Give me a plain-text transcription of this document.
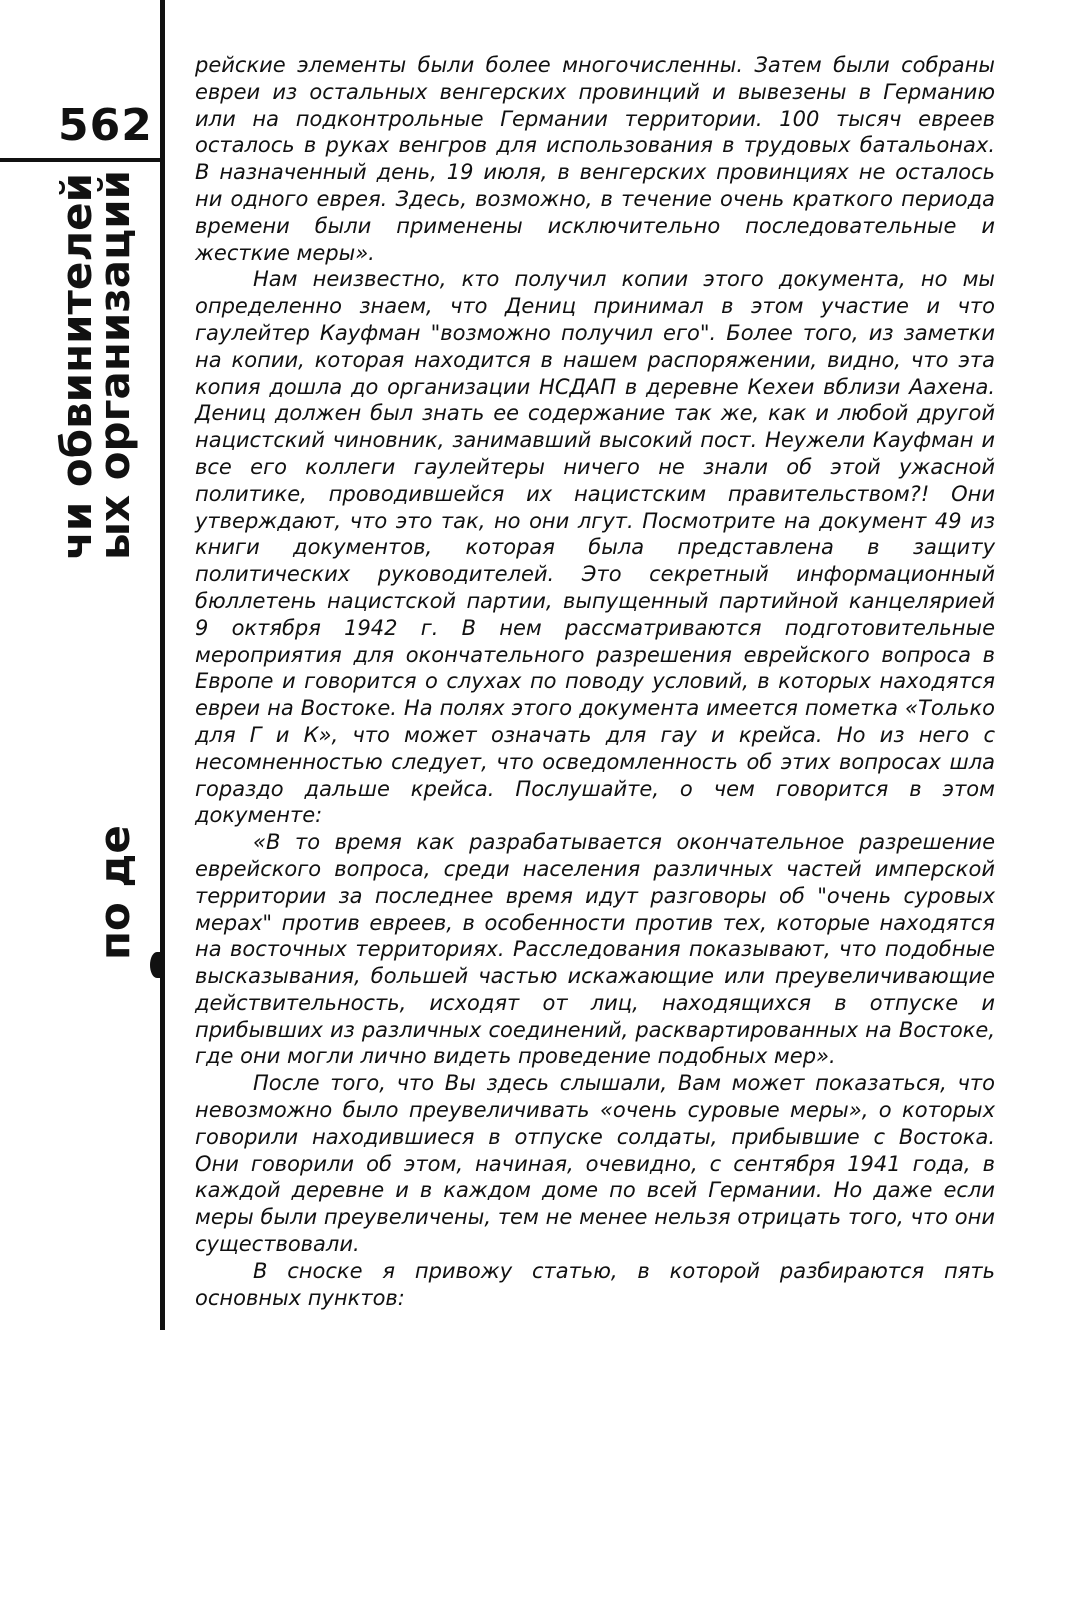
562
чи обвинителей
ых организаций
по де

рейские элементы были более многочисленны. Затем были собраны евреи из остальных венгерских провинций и вывезены в Германию или на подконтрольные Германии территории. 100 тысяч евреев осталось в руках венгров для использования в трудовых батальонах. В назначенный день, 19 июля, в венгерских провинциях не осталось ни одного еврея. Здесь, возможно, в течение очень краткого периода времени были применены исключительно последовательные и жесткие меры».

Нам неизвестно, кто получил копии этого документа, но мы определенно знаем, что Дениц принимал в этом участие и что гаулейтер Кауфман "возможно получил его". Более того, из заметки на копии, которая находится в нашем распоряжении, видно, что эта копия дошла до организации НСДАП в деревне Кехеи вблизи Аахена. Дениц должен был знать ее содержание так же, как и любой другой нацистский чиновник, занимавший высокий пост. Неужели Кауфман и все его коллеги гаулейтеры ничего не знали об этой ужасной политике, проводившейся их нацистским правительством?! Они утверждают, что это так, но они лгут. Посмотрите на документ 49 из книги документов, которая была представлена в защиту политических руководителей. Это секретный информационный бюллетень нацистской партии, выпущенный партийной канцелярией 9 октября 1942 г. В нем рассматриваются подготовительные мероприятия для окончательного разрешения еврейского вопроса в Европе и говорится о слухах по поводу условий, в которых находятся евреи на Востоке. На полях этого документа имеется пометка «Только для Г и К», что может означать для гау и крейса. Но из него с несомненностью следует, что осведомленность об этих вопросах шла гораздо дальше крейса. Послушайте, о чем говорится в этом документе:

«В то время как разрабатывается окончательное разрешение еврейского вопроса, среди населения различных частей имперской территории за последнее время идут разговоры об "очень суровых мерах" против евреев, в особенности против тех, которые находятся на восточных территориях. Расследования показывают, что подобные высказывания, большей частью искажающие или преувеличивающие действительность, исходят от лиц, находящихся в отпуске и прибывших из различных соединений, расквартированных на Востоке, где они могли лично видеть проведение подобных мер».

После того, что Вы здесь слышали, Вам может показаться, что невозможно было преувеличивать «очень суровые меры», о которых говорили находившиеся в отпуске солдаты, прибывшие с Востока. Они говорили об этом, начиная, очевидно, с сентября 1941 года, в каждой деревне и в каждом доме по всей Германии. Но даже если меры были преувеличены, тем не менее нельзя отрицать того, что они существовали.

В сноске я привожу статью, в которой разбираются пять основных пунктов:
